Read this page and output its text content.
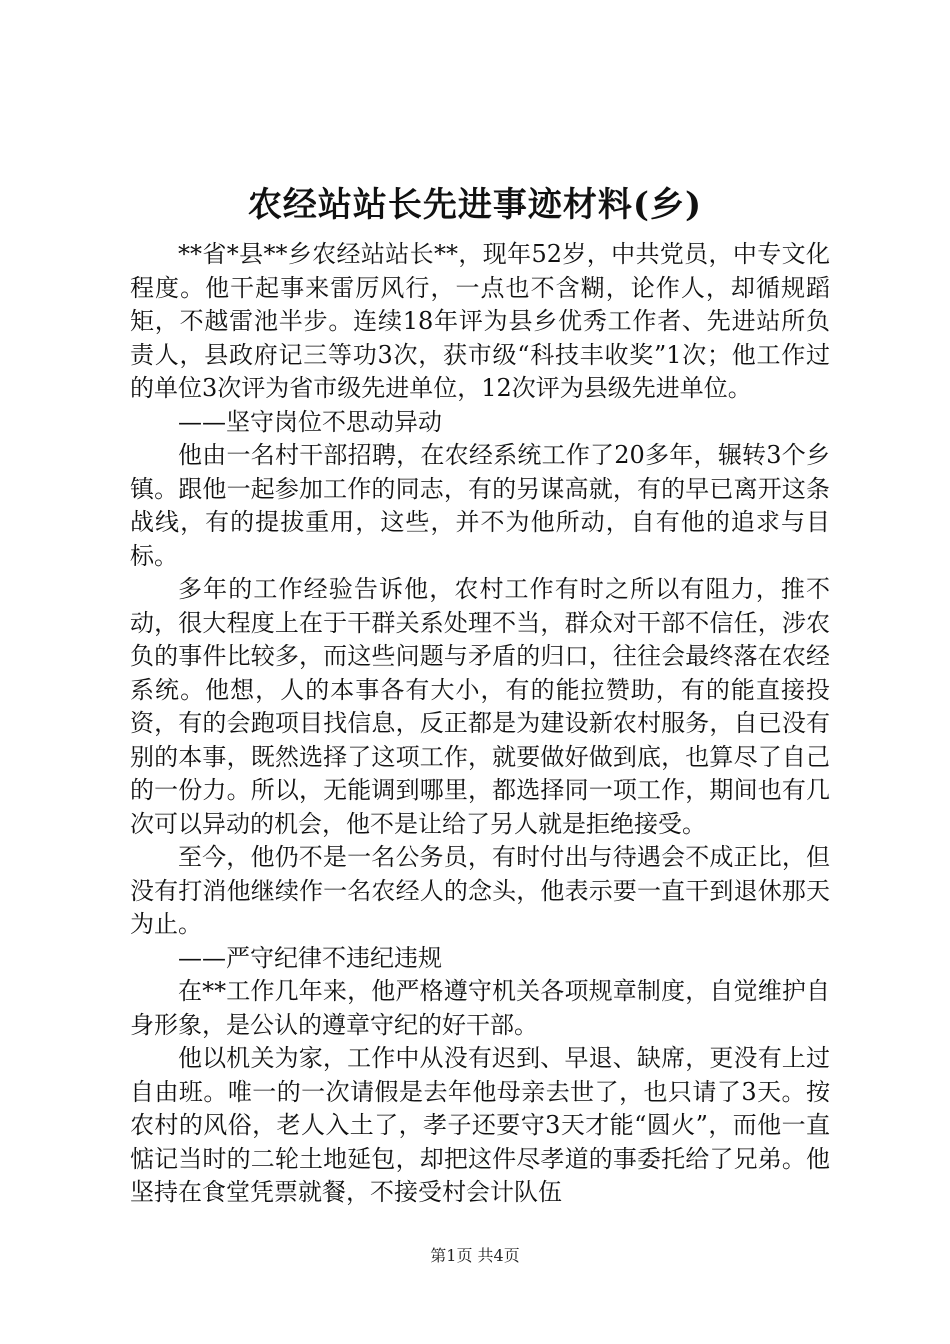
农经站站长先进事迹材料(乡)

**省*县**乡农经站站长**，现年52岁，中共党员，中专文化程度。他干起事来雷厉风行，一点也不含糊，论作人，却循规蹈矩，不越雷池半步。连续18年评为县乡优秀工作者、先进站所负责人，县政府记三等功3次，获市级“科技丰收奖”1次；他工作过的单位3次评为省市级先进单位，12次评为县级先进单位。

——坚守岗位不思动异动

他由一名村干部招聘，在农经系统工作了20多年，辗转3个乡镇。跟他一起参加工作的同志，有的另谋高就，有的早已离开这条战线，有的提拔重用，这些，并不为他所动，自有他的追求与目标。

多年的工作经验告诉他，农村工作有时之所以有阻力，推不动，很大程度上在于干群关系处理不当，群众对干部不信任，涉农负的事件比较多，而这些问题与矛盾的归口，往往会最终落在农经系统。他想，人的本事各有大小，有的能拉赞助，有的能直接投资，有的会跑项目找信息，反正都是为建设新农村服务，自已没有别的本事，既然选择了这项工作，就要做好做到底，也算尽了自己的一份力。所以，无能调到哪里，都选择同一项工作，期间也有几次可以异动的机会，他不是让给了另人就是拒绝接受。

至今，他仍不是一名公务员，有时付出与待遇会不成正比，但没有打消他继续作一名农经人的念头，他表示要一直干到退休那天为止。

——严守纪律不违纪违规

在**工作几年来，他严格遵守机关各项规章制度，自觉维护自身形象，是公认的遵章守纪的好干部。

他以机关为家，工作中从没有迟到、早退、缺席，更没有上过自由班。唯一的一次请假是去年他母亲去世了，也只请了3天。按农村的风俗，老人入土了，孝子还要守3天才能“圆火”，而他一直惦记当时的二轮土地延包，却把这件尽孝道的事委托给了兄弟。他坚持在食堂凭票就餐，不接受村会计队伍

第1页 共4页
